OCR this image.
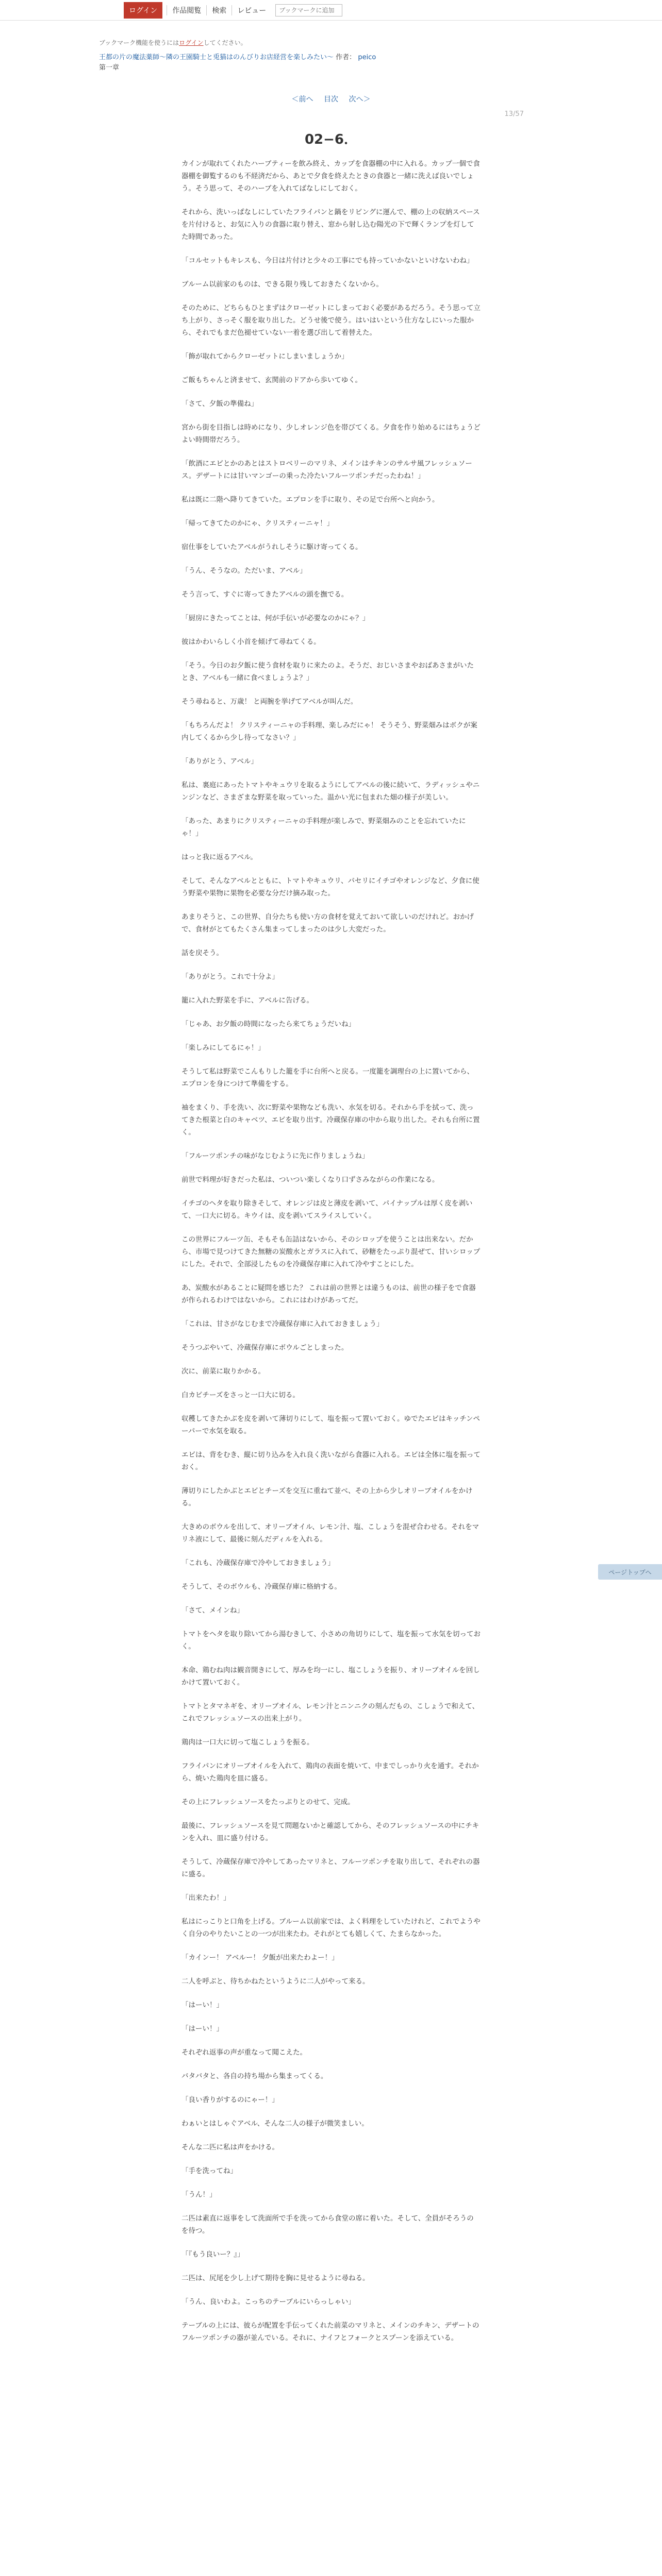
ログイン	作品閲覧	検索	レビュー
ブックマークに追加
ブックマーク機能を使うにはログインしてください。
王都の片の魔法薬師〜隣の王園騎士と兎猫はのんびりお店経営を楽しみたい〜 作者： peico
第一章
＜前へ 目次 次へ＞
13/57
02−6．

カインが取れてくれたハーブティーを飲み終え、カップを食器棚の中に入れる。カップ一個で食器棚を御覧するのも不経済だから、あとで夕食を終えたときの食器と一緒に洗えば良いでしょう。そう思って、そのハーブを入れてばなしにしておく。

それから、洗いっぱなしにしていたフライパンと鍋をリビングに運んで、棚の上の収納スペースを片付けると、お気に入りの食器に取り替え、窓から射し込む陽光の下で輝くランプを灯してた時間であった。

「コルセットもキレスも、今日は片付けと少々の工事にでも持っていかないといけないわね」

ブルーム以前家のものは、できる限り残しておきたくないから。

そのために、どちらもひとまずはクローゼットにしまっておく必要があるだろう。そう思って立ち上がり、さっそく服を取り出した。どうせ後で使う。はいはいという仕方なしにいった服から、それでもまだ色褪せていない一着を選び出して着替えた。

「飾が取れてからクローゼットにしまいましょうか」

ご飯もちゃんと済ませて、玄関前のドアから歩いてゆく。

「さて、夕飯の準備ね」

宮から街を目指しは時めになり、少しオレンジ色を帯びてくる。夕食を作り始めるにはちょうどよい時間帯だろう。

「飲酒にエビとかのあとはストロベリーのマリネ、メインはチキンのサルサ風フレッシュソース。デザートには甘いマンゴーの乗った冷たいフルーツポンチだったわね！」

私は既に二階へ降りてきていた。エプロンを手に取り、その足で台所へと向かう。

「帰ってきてたのかにゃ、クリスティーニャ！」

宿仕事をしていたアベルがうれしそうに駆け寄ってくる。

「うん、そうなの。ただいま、アベル」

そう言って、すぐに寄ってきたアベルの頭を撫でる。

「厨房にきたってことは、何が手伝いが必要なのかにゃ？」

彼はかわいらしく小首を傾げて尋ねてくる。

「そう。今日のお夕飯に使う食材を取りに来たのよ。そうだ、おじいさまやおばあさまがいたとき、アベルも一緒に食べましょうよ？」

そう尋ねると、万歳！ と両腕を挙げてアベルが叫んだ。

「もちろんだよ！ クリスティーニャの手料理、楽しみだにゃ！ そうそう、野菜畑みはボクが案内してくるから少し待ってなさい？」

「ありがとう、アベル」

私は、裏庭にあったトマトやキュウリを取るようにしてアベルの後に続いて、ラディッシュやニンジンなど、さまざまな野菜を取っていった。温かい光に包まれた畑の様子が美しい。

「あった、あまりにクリスティーニャの手料理が楽しみで、野菜畑みのことを忘れていたにゃ！」

はっと我に返るアベル。

そして、そんなアベルとともに、トマトやキュウリ、パセリにイチゴやオレンジなど、夕食に使う野菜や果物に果物を必要な分だけ摘み取った。

あまりそうと、この世界、自分たちも使い方の食材を覚えておいて欲しいのだけれど。おかげで、食材がとてもたくさん集まってしまったのは少し大変だった。

話を戻そう。

「ありがとう。これで十分よ」

籠に入れた野菜を手に、アベルに告げる。

「じゃあ、お夕飯の時間になったら来てちょうだいね」

「楽しみにしてるにゃ！」

そうして私は野菜でこんもりした籠を手に台所へと戻る。一度籠を調理台の上に置いてから、エプロンを身につけて準備をする。

袖をまくり、手を洗い、次に野菜や果物なども洗い、水気を切る。それから手を拭って、洗ってきた根菜と白のキャベツ、エビを取り出す。冷蔵保存庫の中から取り出した。それも台所に置く。

「フルーツポンチの味がなじむように先に作りましょうね」

前世で料理が好きだった私は、ついつい楽しくなり口ずさみながらの作業になる。

イチゴのヘタを取り除きそして、オレンジは皮と薄皮を剥いて、パイナップルは厚く皮を剥いて、一口大に切る。キウイは、皮を剥いてスライスしていく。

この世界にフルーツ缶、そもそも缶詰はないから、そのシロップを使うことは出来ない。だから、市場で見つけてきた無糖の炭酸水とガラスに入れて、砂糖をたっぷり混ぜて、甘いシロップにした。それで、全部浸したものを冷蔵保存庫に入れて冷やすことにした。

あ、炭酸水があることに疑問を感じた？ これは前の世界とは違うものは、前世の様子をで食器が作られるわけではないから。これにはわけがあってだ。

「これは、甘さがなじむまで冷蔵保存庫に入れておきましょう」

そうつぶやいて、冷蔵保存庫にボウルごとしまった。

次に、前菜に取りかかる。

白カビチーズをさっと一口大に切る。

収穫してきたかぶを皮を剥いて薄切りにして、塩を振って置いておく。ゆでたエビはキッチンペーパーで水気を取る。

エビは、背をむき、縦に切り込みを入れ良く洗いながら食器に入れる。エビは全体に塩を振っておく。

薄切りにしたかぶとエビとチーズを交互に重ねて並べ、その上から少しオリーブオイルをかける。

大きめのボウルを出して、オリーブオイル、レモン汁、塩、こしょうを混ぜ合わせる。それをマリネ液にして、最後に刻んだディルを入れる。

「これも、冷蔵保存庫で冷やしておきましょう」

そうして、そのボウルも、冷蔵保存庫に格納する。

「さて、メインね」

トマトをヘタを取り除いてから湯むきして、小さめの角切りにして、塩を振って水気を切っておく。

本命、鶏むね肉は観音開きにして、厚みを均一にし、塩こしょうを振り、オリーブオイルを回しかけて置いておく。

トマトとタマネギを、オリーブオイル、レモン汁とニンニクの刻んだもの、こしょうで和えて、これでフレッシュソースの出来上がり。

鶏肉は一口大に切って塩こしょうを振る。

フライパンにオリーブオイルを入れて、鶏肉の表面を焼いて、中までしっかり火を通す。それから、焼いた鶏肉を皿に盛る。

その上にフレッシュソースをたっぷりとのせて、完成。

最後に、フレッシュソースを見て問題ないかと確認してから、そのフレッシュソースの中にチキンを入れ、皿に盛り付ける。

そうして、冷蔵保存庫で冷やしてあったマリネと、フルーツポンチを取り出して、それぞれの器に盛る。

「出来たわ！」

私はにっこりと口角を上げる。ブルーム以前家では、よく料理をしていたけれど、これでようやく自分のやりたいことの一つが出来たわ。それがとても嬉しくて、たまらなかった。

「カインー！ アベルー！ 夕飯が出来たわよー！」

二人を呼ぶと、待ちかねたというように二人がやって来る。

「はーい！」

「はーい！」

それぞれ返事の声が重なって聞こえた。

バタバタと、各自の持ち場から集まってくる。

「良い香りがするのにゃー！」

わぁいとはしゃぐアベル、そんな二人の様子が微笑ましい。

そんな二匹に私は声をかける。

「手を洗ってね」

「うん！」

二匹は素直に返事をして洗面所で手を洗ってから食堂の席に着いた。そして、全員がそろうのを待つ。

「『もう良いー？』」

二匹は、尻尾を少し上げて期待を胸に見せるように尋ねる。

「うん、良いわよ。こっちのテーブルにいらっしゃい」

テーブルの上には、彼らが配置を手伝ってくれた前菜のマリネと、メインのチキン、デザートのフルーツポンチの器が並んでいる。それに、ナイフとフォークとスプーンを添えている。

ページトップへ
